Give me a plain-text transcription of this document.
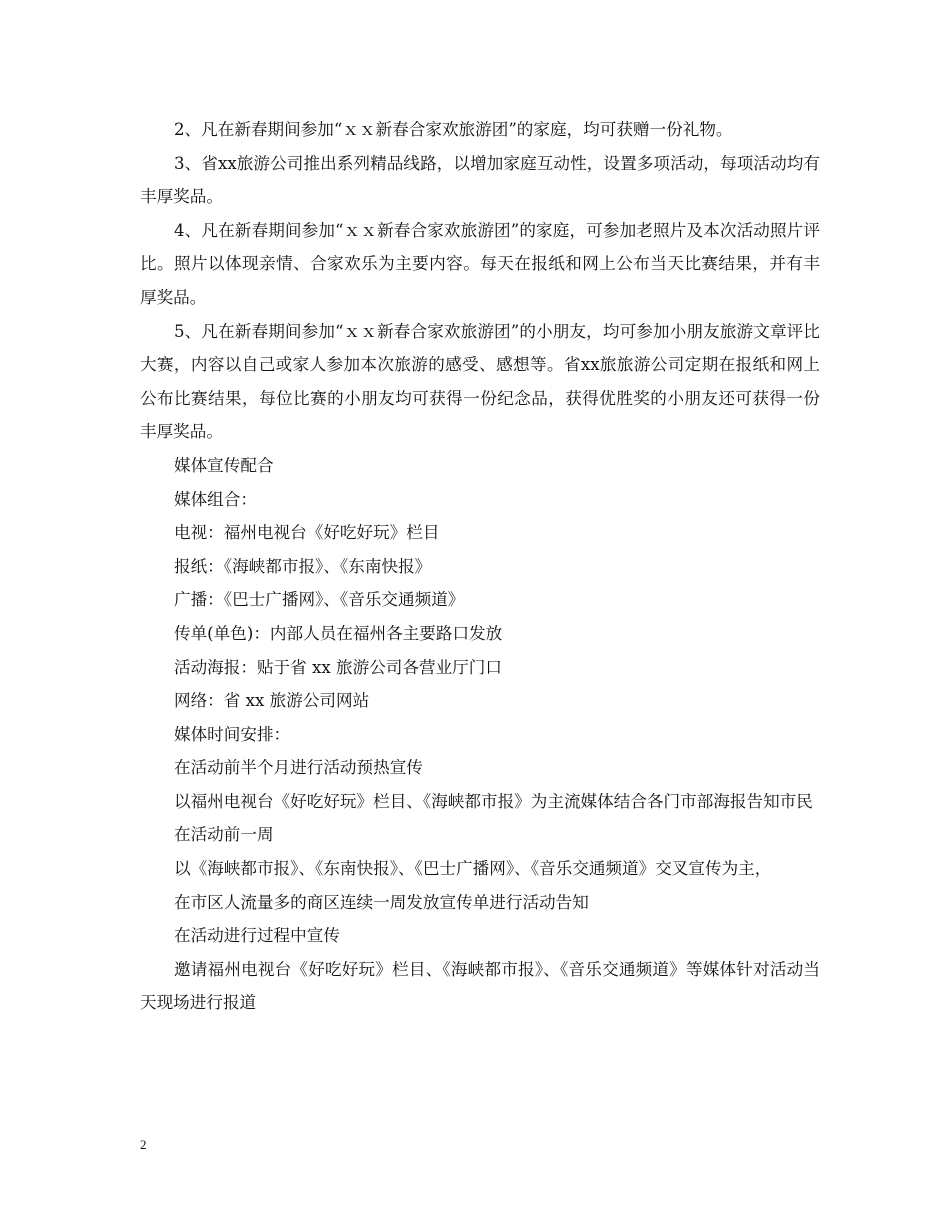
2、凡在新春期间参加“ｘｘ新春合家欢旅游团”的家庭，均可获赠一份礼物。

3、省xx旅游公司推出系列精品线路，以增加家庭互动性，设置多项活动，每项活动均有丰厚奖品。

4、凡在新春期间参加“ｘｘ新春合家欢旅游团”的家庭，可参加老照片及本次活动照片评比。照片以体现亲情、合家欢乐为主要内容。每天在报纸和网上公布当天比赛结果，并有丰厚奖品。

5、凡在新春期间参加“ｘｘ新春合家欢旅游团”的小朋友，均可参加小朋友旅游文章评比大赛，内容以自己或家人参加本次旅游的感受、感想等。省xx旅旅游公司定期在报纸和网上公布比赛结果，每位比赛的小朋友均可获得一份纪念品，获得优胜奖的小朋友还可获得一份丰厚奖品。

媒体宣传配合

媒体组合：

电视：福州电视台《好吃好玩》栏目

报纸：《海峡都市报》、《东南快报》

广播：《巴士广播网》、《音乐交通频道》

传单(单色)：内部人员在福州各主要路口发放

活动海报：贴于省 xx 旅游公司各营业厅门口

网络：省 xx 旅游公司网站

媒体时间安排：

在活动前半个月进行活动预热宣传

以福州电视台《好吃好玩》栏目、《海峡都市报》为主流媒体结合各门市部海报告知市民

在活动前一周

以《海峡都市报》、《东南快报》、《巴士广播网》、《音乐交通频道》交叉宣传为主，

在市区人流量多的商区连续一周发放宣传单进行活动告知

在活动进行过程中宣传

邀请福州电视台《好吃好玩》栏目、《海峡都市报》、《音乐交通频道》等媒体针对活动当天现场进行报道

2
